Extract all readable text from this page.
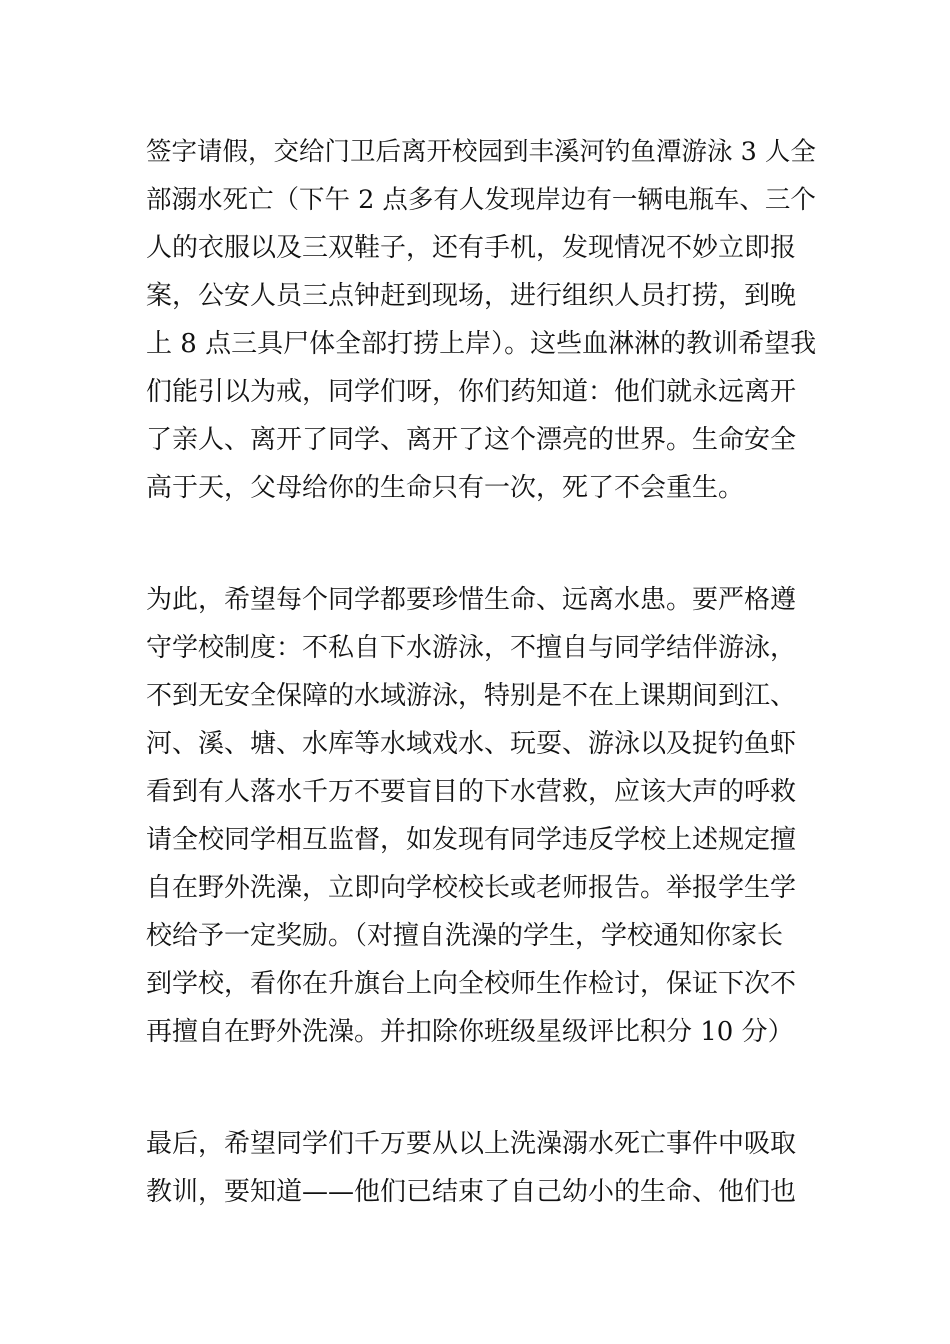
签字请假，交给门卫后离开校园到丰溪河钓鱼潭游泳 3 人全
部溺水死亡（下午 2 点多有人发现岸边有一辆电瓶车、三个
人的衣服以及三双鞋子，还有手机，发现情况不妙立即报
案，公安人员三点钟赶到现场，进行组织人员打捞，到晚
上 8 点三具尸体全部打捞上岸）。这些血淋淋的教训希望我
们能引以为戒，同学们呀，你们药知道：他们就永远离开
了亲人、离开了同学、离开了这个漂亮的世界。生命安全
高于天，父母给你的生命只有一次，死了不会重生。
为此，希望每个同学都要珍惜生命、远离水患。要严格遵
守学校制度：不私自下水游泳，不擅自与同学结伴游泳，
不到无安全保障的水域游泳，特别是不在上课期间到江、
河、溪、塘、水库等水域戏水、玩耍、游泳以及捉钓鱼虾
看到有人落水千万不要盲目的下水营救，应该大声的呼救
请全校同学相互监督，如发现有同学违反学校上述规定擅
自在野外洗澡，立即向学校校长或老师报告。举报学生学
校给予一定奖励。（对擅自洗澡的学生，学校通知你家长
到学校，看你在升旗台上向全校师生作检讨，保证下次不
再擅自在野外洗澡。并扣除你班级星级评比积分 10 分）
最后，希望同学们千万要从以上洗澡溺水死亡事件中吸取
教训，要知道——他们已结束了自己幼小的生命、他们也
